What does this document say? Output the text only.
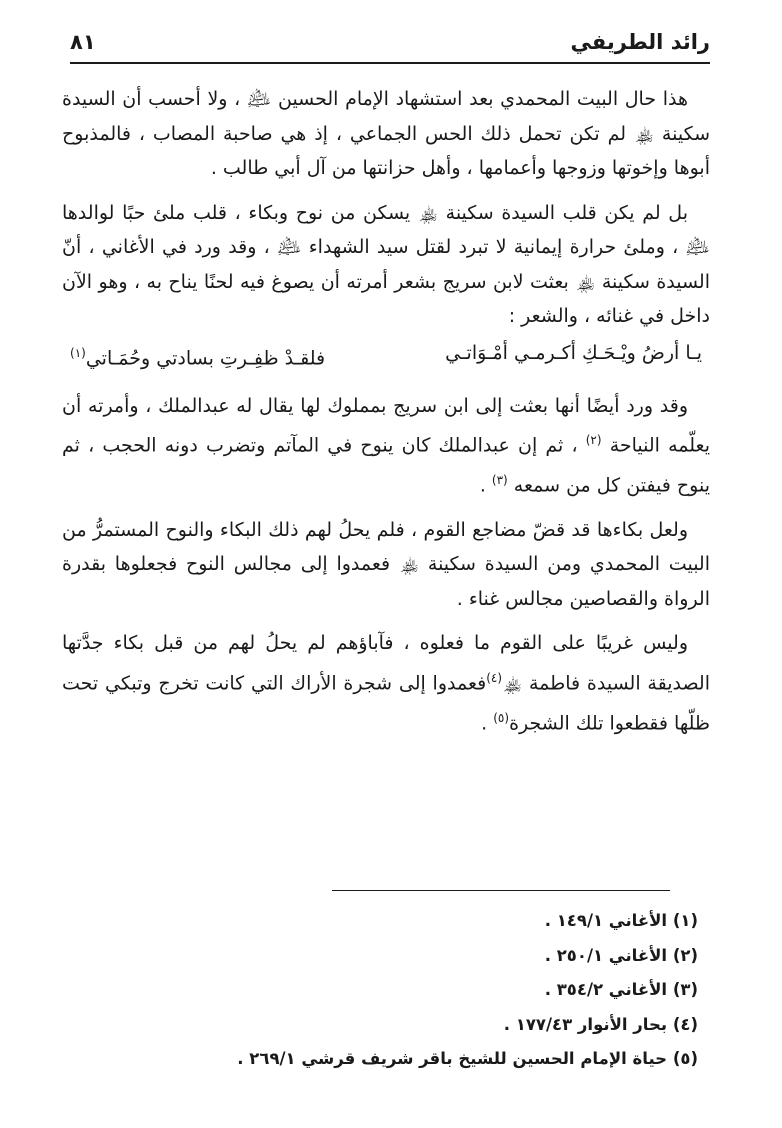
رائد الطريفي
٨١

هذا حال البيت المحمدي بعد استشهاد الإمام الحسين ﵇ ، ولا أحسب أن السيدة سكينة ﵏ لم تكن تحمل ذلك الحس الجماعي ، إذ هي صاحبة المصاب ، فالمذبوح أبوها وإخوتها وزوجها وأعمامها ، وأهل حزانتها من آل أبي طالب .

بل لم يكن قلب السيدة سكينة ﵏ يسكن من نوح وبكاء ، قلب ملئ حبًا لوالدها ﵇ ، وملئ حرارة إيمانية لا تبرد لقتل سيد الشهداء ﵇ ، وقد ورد في الأغاني ، أنّ السيدة سكينة ﵏ بعثت لابن سريج بشعر أمرته أن يصوغ فيه لحنًا يناح به ، وهو الآن داخل في غنائه ، والشعر :

يـا أرضُ ويْـحَـكِ أكـرمـي أمْـوَاتـي
فلقـدْ ظفِـرتِ بسادتي وحُمَـاتي$^{(١)}$

وقد ورد أيضًا أنها بعثت إلى ابن سريج بمملوك لها يقال له عبدالملك ، وأمرته أن يعلّمه النياحة $^{(٢)}$ ، ثم إن عبدالملك كان ينوح في المآتم وتضرب دونه الحجب ، ثم ينوح فيفتن كل من سمعه $^{(٣)}$ .

ولعل بكاءها قد قضّ مضاجع القوم ، فلم يحلُ لهم ذلك البكاء والنوح المستمرُّ من البيت المحمدي ومن السيدة سكينة ﵏ فعمدوا إلى مجالس النوح فجعلوها بقدرة الرواة والقصاصين مجالس غناء .

وليس غريبًا على القوم ما فعلوه ، فآباؤهم لم يحلُ لهم من قبل بكاء جدَّتها الصديقة السيدة فاطمة ﵏$^{(٤)}$فعمدوا إلى شجرة الأراك التي كانت تخرج وتبكي تحت ظلّها فقطعوا تلك الشجرة$^{(٥)}$ .

(١) الأغاني ١٤٩/١ .
(٢) الأغاني ٢٥٠/١ .
(٣) الأغاني ٣٥٤/٢ .
(٤) بحار الأنوار ١٧٧/٤٣ .
(٥) حياة الإمام الحسين للشيخ باقر شريف قرشي ٢٦٩/١ .
